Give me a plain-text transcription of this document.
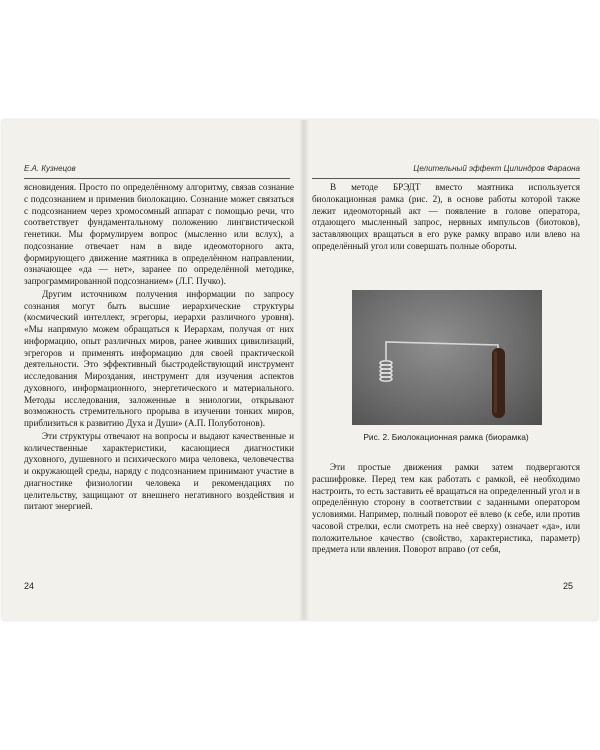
Е.А. Кузнецов

ясновидения. Просто по определённому алгоритму, связав сознание с подсознанием и применив биолокацию. Сознание может связаться с подсознанием через хромосомный аппарат с помощью речи, что соответствует фундаментальному положению лингвистической генетики. Мы формулируем вопрос (мысленно или вслух), а подсознание отвечает нам в виде идеомоторного акта, формирующего движение маятника в определённом направлении, означающее «да — нет», заранее по определённой методике, запрограммированной подсознанием» (Л.Г. Пучко).

Другим источником получения информации по запросу сознания могут быть высшие иерархические структуры (космический интеллект, эгрегоры, иерархи различного уровня). «Мы напрямую можем обращаться к Иерархам, получая от них информацию, опыт различных миров, ранее живших цивилизаций, эгрегоров и применять информацию для своей практической деятельности. Это эффективный быстродействующий инструмент исследования Мироздания, инструмент для изучения аспектов духовного, информационного, энергетического и материального. Методы исследования, заложенные в эниологии, открывают возможность стремительного прорыва в изучении тонких миров, приблизиться к развитию Духа и Души» (А.П. Полуботонов).

Эти структуры отвечают на вопросы и выдают качественные и количественные характеристики, касающиеся диагностики духовного, душевного и психического мира человека, человечества и окружающей среды, наряду с подсознанием принимают участие в диагностике физиологии человека и рекомендациях по целительству, защищают от внешнего негативного воздействия и питают энергией.

24
Целительный эффект Цилиндров Фараона

В методе БРЭДТ вместо маятника используется биолокационная рамка (рис. 2), в основе работы которой также лежит идеомоторный акт — появление в голове оператора, отдающего мысленный запрос, нервных импульсов (биотоков), заставляющих вращаться в его руке рамку вправо или влево на определённый угол или совершать полные обороты.

Рис. 2. Биолокационная рамка (биорамка)

Эти простые движения рамки затем подвергаются расшифровке. Перед тем как работать с рамкой, её необходимо настроить, то есть заставить её вращаться на определенный угол и в определённую сторону в соответствии с заданными оператором условиями. Например, полный поворот её влево (к себе, или против часовой стрелки, если смотреть на неё сверху) означает «да», или положительное качество (свойство, характеристика, параметр) предмета или явления. Поворот вправо (от себя,

25
